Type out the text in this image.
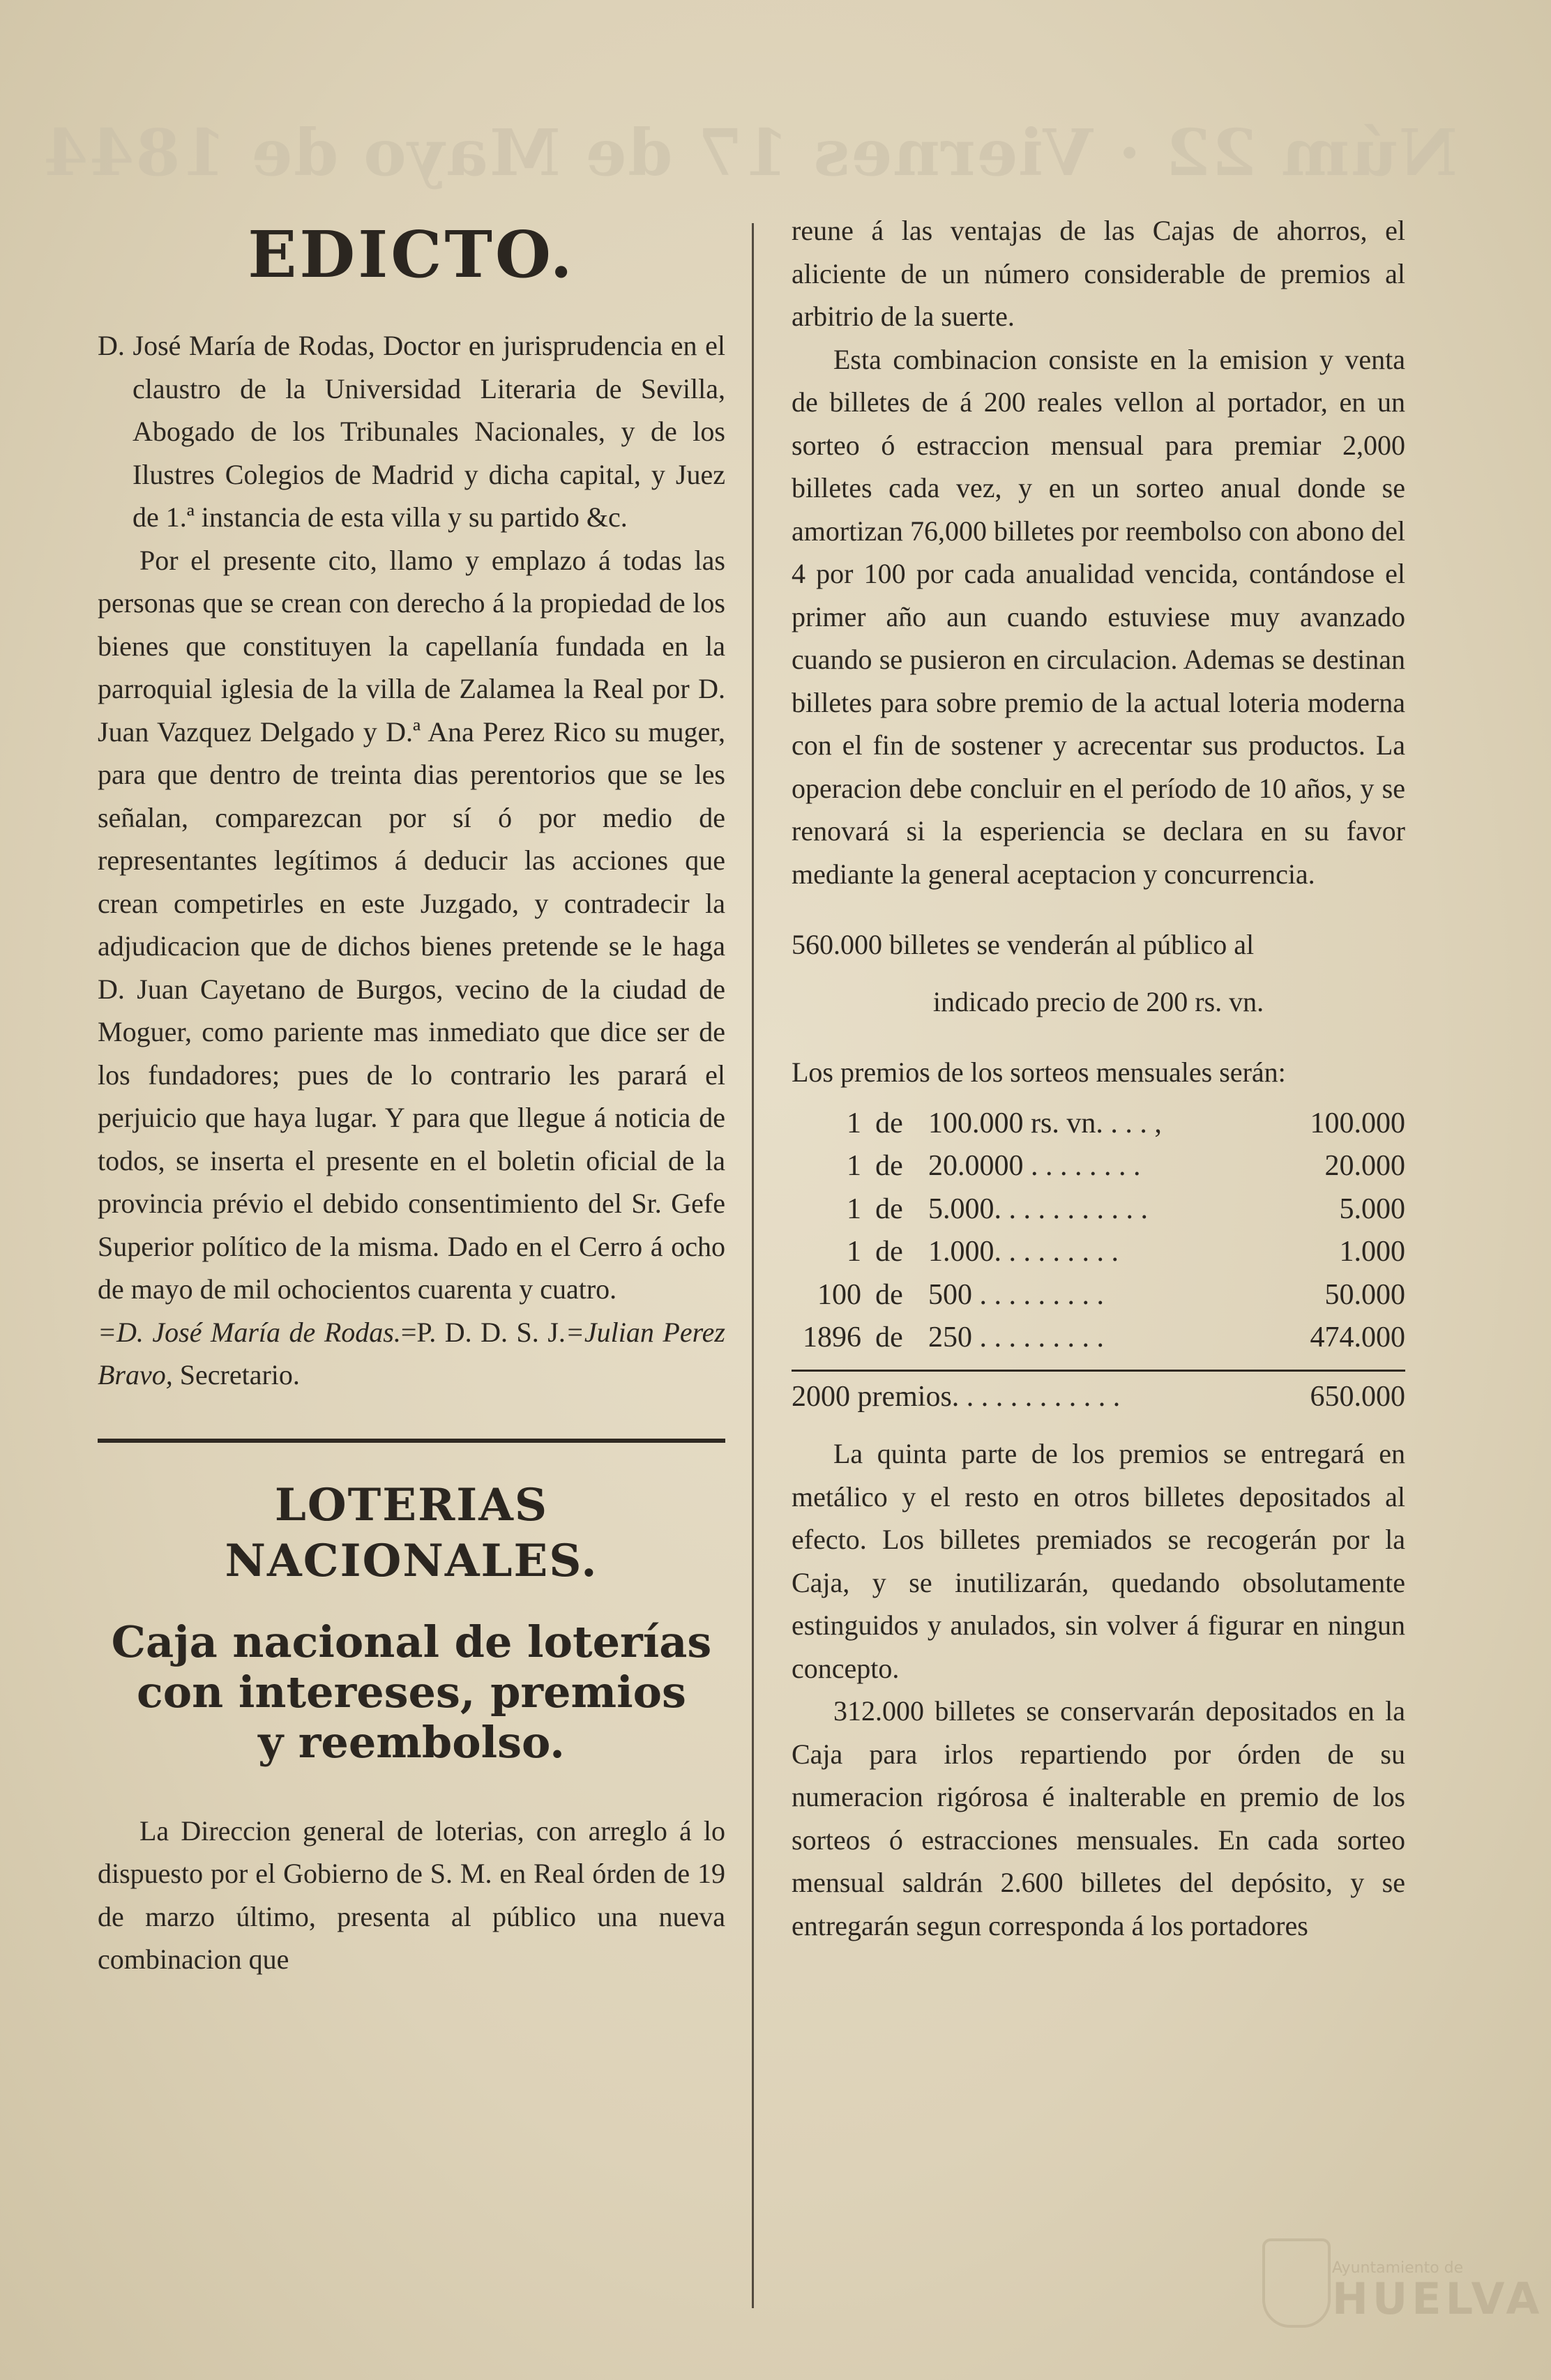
Núm 22 · Viernes 17 de Mayo de 1844
EDICTO.

D. José María de Rodas, Doctor en jurisprudencia en el claustro de la Universidad Literaria de Sevilla, Abogado de los Tribunales Nacionales, y de los Ilustres Colegios de Madrid y dicha capital, y Juez de 1.ª instancia de esta villa y su partido &c.

Por el presente cito, llamo y emplazo á todas las personas que se crean con derecho á la propiedad de los bienes que constituyen la capellanía fundada en la parroquial iglesia de la villa de Zalamea la Real por D. Juan Vazquez Delgado y D.ª Ana Perez Rico su muger, para que dentro de treinta dias perentorios que se les señalan, comparezcan por sí ó por medio de representantes legítimos á deducir las acciones que crean competirles en este Juzgado, y contradecir la adjudicacion que de dichos bienes pretende se le haga D. Juan Cayetano de Burgos, vecino de la ciudad de Moguer, como pariente mas inmediato que dice ser de los fundadores; pues de lo contrario les parará el perjuicio que haya lugar. Y para que llegue á noticia de todos, se inserta el presente en el boletin oficial de la provincia prévio el debido consentimiento del Sr. Gefe Superior político de la misma. Dado en el Cerro á ocho de mayo de mil ochocientos cuarenta y cuatro.

=D. José María de Rodas.=P. D. D. S. J.=Julian Perez Bravo, Secretario.

LOTERIAS NACIONALES.
Caja nacional de loterías
con intereses, premios
y reembolso.

La Direccion general de loterias, con arreglo á lo dispuesto por el Gobierno de S. M. en Real órden de 19 de marzo último, presenta al público una nueva combinacion que

reune á las ventajas de las Cajas de ahorros, el aliciente de un número considerable de premios al arbitrio de la suerte.

Esta combinacion consiste en la emision y venta de billetes de á 200 reales vellon al portador, en un sorteo ó estraccion mensual para premiar 2,000 billetes cada vez, y en un sorteo anual donde se amortizan 76,000 billetes por reembolso con abono del 4 por 100 por cada anualidad vencida, contándose el primer año aun cuando estuviese muy avanzado cuando se pusieron en circulacion. Ademas se destinan billetes para sobre premio de la actual loteria moderna con el fin de sostener y acrecentar sus productos. La operacion debe concluir en el período de 10 años, y se renovará si la esperiencia se declara en su favor mediante la general aceptacion y concurrencia.

560.000 billetes se venderán al público al

indicado precio de 200 rs. vn.

Los premios de los sorteos mensuales serán:

1 de 100.000 rs. vn. . . . ,	100.000
1 de 20.0000 . . . . . . . .	20.000
1 de 5.000. . . . . . . . . . .	5.000
1 de 1.000. . . . . . . . .	1.000
100 de 500 . . . . . . . . .	50.000
1896 de 250 . . . . . . . . .	474.000
2000 premios. . . . . . . . . . . .	650.000

La quinta parte de los premios se entregará en metálico y el resto en otros billetes depositados al efecto. Los billetes premiados se recogerán por la Caja, y se inutilizarán, quedando obsolutamente estinguidos y anulados, sin volver á figurar en ningun concepto.

312.000 billetes se conservarán depositados en la Caja para irlos repartiendo por órden de su numeracion rigórosa é inalterable en premio de los sorteos ó estracciones mensuales. En cada sorteo mensual saldrán 2.600 billetes del depósito, y se entregarán segun corresponda á los portadores

Ayuntamiento de
HUELVA
